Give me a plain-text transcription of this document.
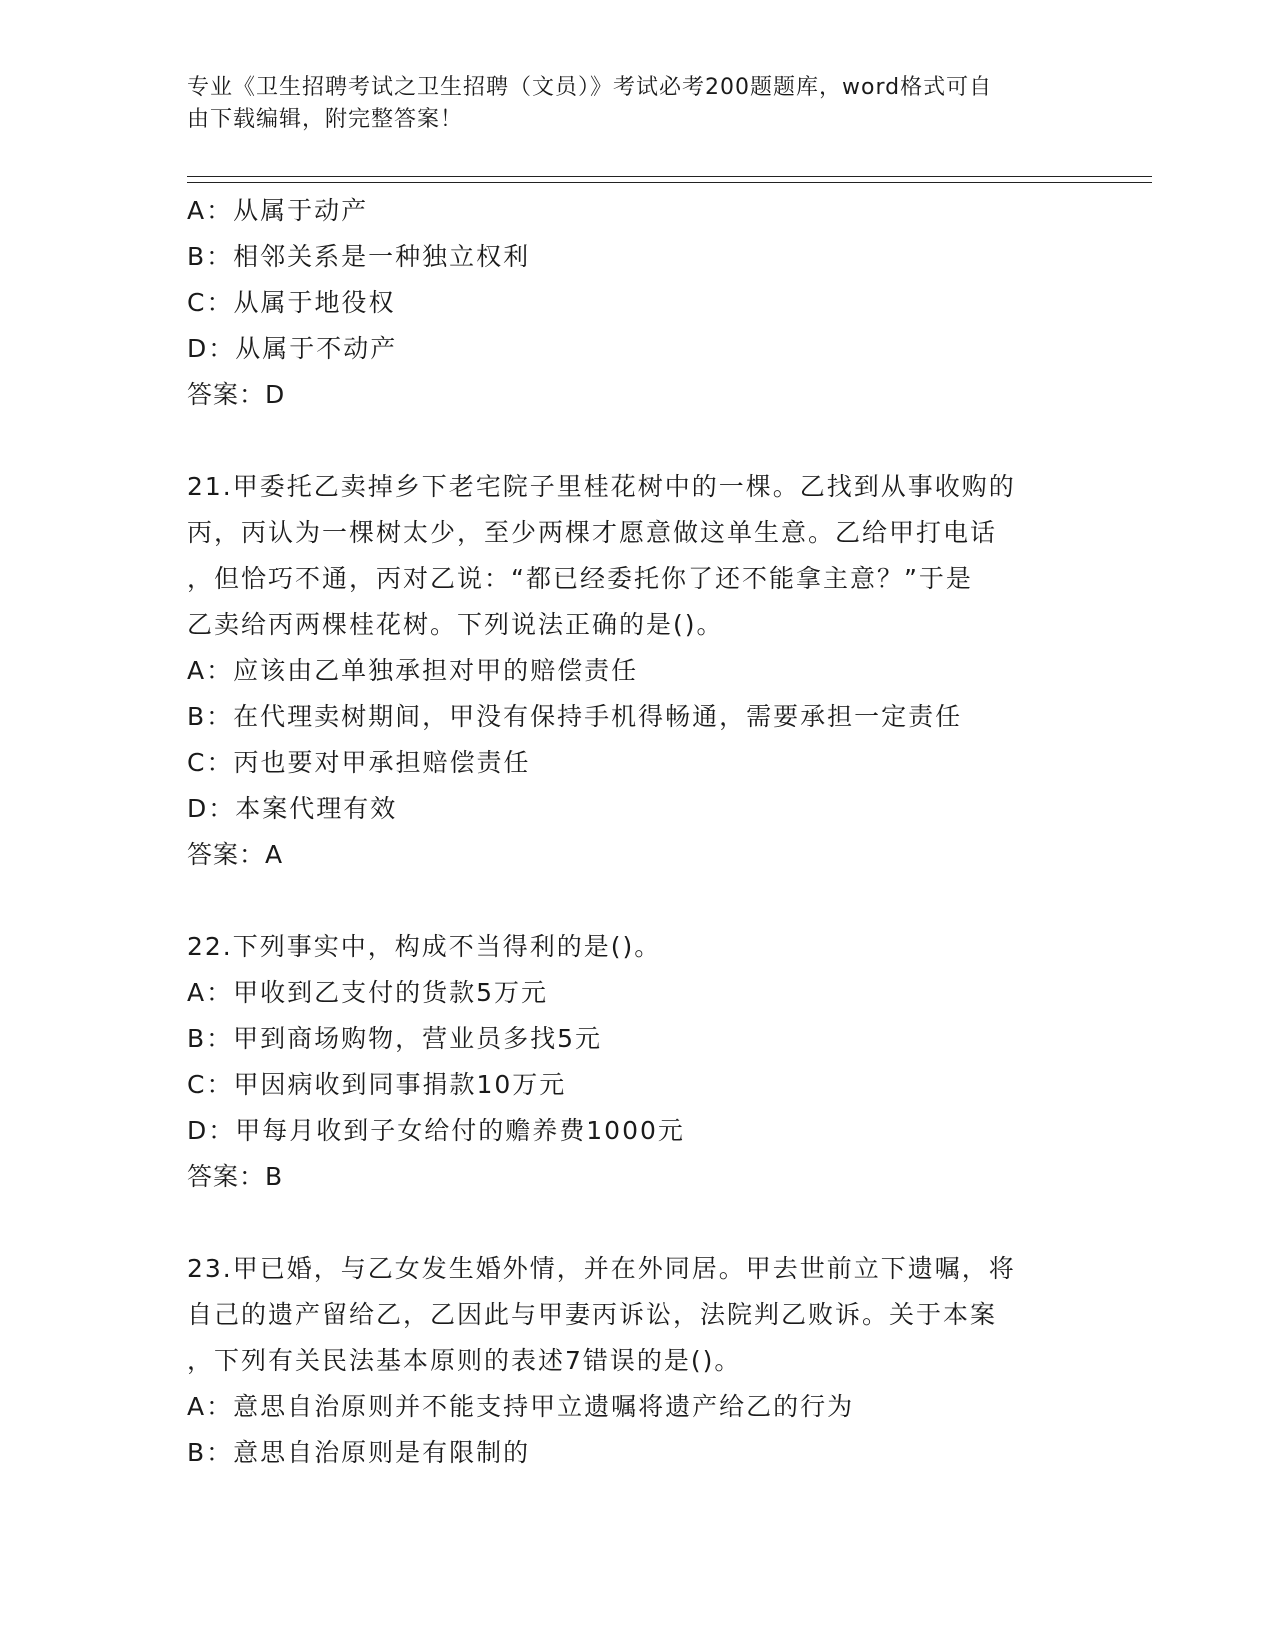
专业《卫生招聘考试之卫生招聘（文员）》考试必考200题题库，word格式可自
由下载编辑，附完整答案！
A：从属于动产
B：相邻关系是一种独立权利
C：从属于地役权
D：从属于不动产
答案：D
21.甲委托乙卖掉乡下老宅院子里桂花树中的一棵。乙找到从事收购的
丙，丙认为一棵树太少，至少两棵才愿意做这单生意。乙给甲打电话
，但恰巧不通，丙对乙说：“都已经委托你了还不能拿主意？”于是
乙卖给丙两棵桂花树。下列说法正确的是()。
A：应该由乙单独承担对甲的赔偿责任
B：在代理卖树期间，甲没有保持手机得畅通，需要承担一定责任
C：丙也要对甲承担赔偿责任
D：本案代理有效
答案：A
22.下列事实中，构成不当得利的是()。
A：甲收到乙支付的货款5万元
B：甲到商场购物，营业员多找5元
C：甲因病收到同事捐款10万元
D：甲每月收到子女给付的赡养费1000元
答案：B
23.甲已婚，与乙女发生婚外情，并在外同居。甲去世前立下遗嘱，将
自己的遗产留给乙，乙因此与甲妻丙诉讼，法院判乙败诉。关于本案
，下列有关民法基本原则的表述7错误的是()。
A：意思自治原则并不能支持甲立遗嘱将遗产给乙的行为
B：意思自治原则是有限制的
